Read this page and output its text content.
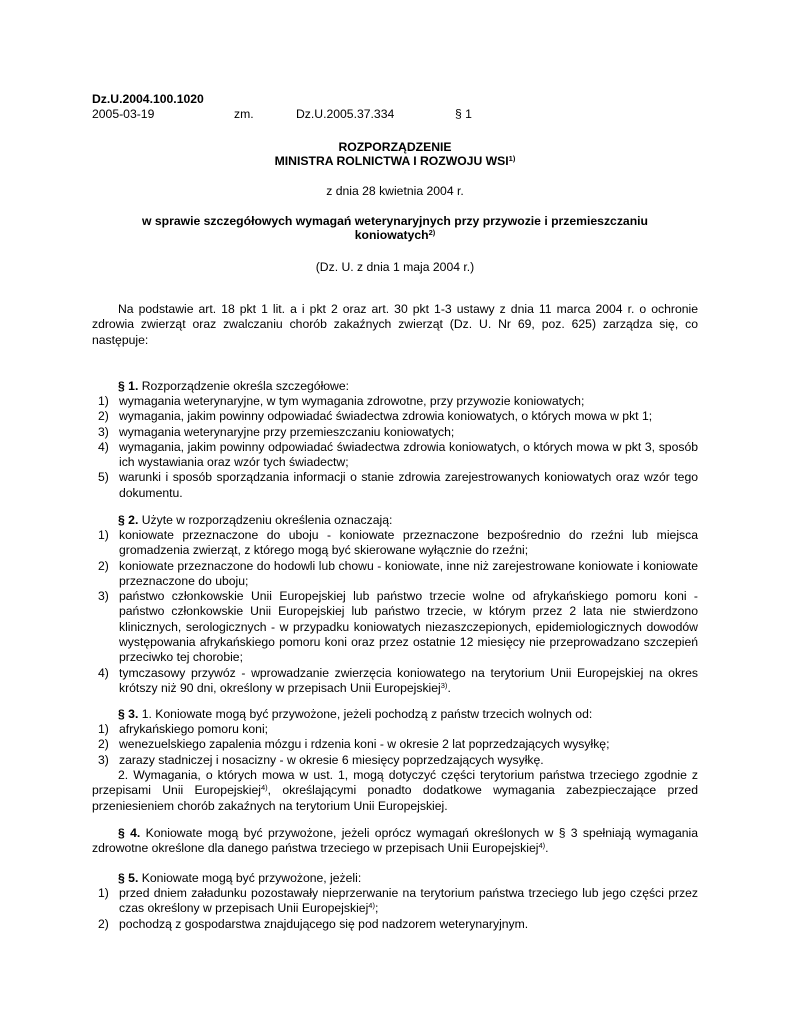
Dz.U.2004.100.1020
2005-03-19	zm.	Dz.U.2005.37.334	§ 1
ROZPORZĄDZENIE
MINISTRA ROLNICTWA I ROZWOJU WSI$^{1)}$
z dnia 28 kwietnia 2004 r.
w sprawie szczegółowych wymagań weterynaryjnych przy przywozie i przemieszczaniu
koniowatych$^{2)}$
(Dz. U. z dnia 1 maja 2004 r.)
Na podstawie art. 18 pkt 1 lit. a i pkt 2 oraz art. 30 pkt 1-3 ustawy z dnia 11 marca 2004 r. o ochronie zdrowia zwierząt oraz zwalczaniu chorób zakaźnych zwierząt (Dz. U. Nr 69, poz. 625) zarządza się, co następuje:
§ 1. Rozporządzenie określa szczegółowe:
1) wymagania weterynaryjne, w tym wymagania zdrowotne, przy przywozie koniowatych;
2) wymagania, jakim powinny odpowiadać świadectwa zdrowia koniowatych, o których mowa w pkt 1;
3) wymagania weterynaryjne przy przemieszczaniu koniowatych;
4) wymagania, jakim powinny odpowiadać świadectwa zdrowia koniowatych, o których mowa w pkt 3, sposób ich wystawiania oraz wzór tych świadectw;
5) warunki i sposób sporządzania informacji o stanie zdrowia zarejestrowanych koniowatych oraz wzór tego dokumentu.
§ 2. Użyte w rozporządzeniu określenia oznaczają:
1) koniowate przeznaczone do uboju - koniowate przeznaczone bezpośrednio do rzeźni lub miejsca gromadzenia zwierząt, z którego mogą być skierowane wyłącznie do rzeźni;
2) koniowate przeznaczone do hodowli lub chowu - koniowate, inne niż zarejestrowane koniowate i koniowate przeznaczone do uboju;
3) państwo członkowskie Unii Europejskiej lub państwo trzecie wolne od afrykańskiego pomoru koni - państwo członkowskie Unii Europejskiej lub państwo trzecie, w którym przez 2 lata nie stwierdzono klinicznych, serologicznych - w przypadku koniowatych niezaszczepionych, epidemiologicznych dowodów występowania afrykańskiego pomoru koni oraz przez ostatnie 12 miesięcy nie przeprowadzano szczepień przeciwko tej chorobie;
4) tymczasowy przywóz - wprowadzanie zwierzęcia koniowatego na terytorium Unii Europejskiej na okres krótszy niż 90 dni, określony w przepisach Unii Europejskiej$^{3)}$.
§ 3. 1. Koniowate mogą być przywożone, jeżeli pochodzą z państw trzecich wolnych od:
1) afrykańskiego pomoru koni;
2) wenezuelskiego zapalenia mózgu i rdzenia koni - w okresie 2 lat poprzedzających wysyłkę;
3) zarazy stadniczej i nosacizny - w okresie 6 miesięcy poprzedzających wysyłkę.
2. Wymagania, o których mowa w ust. 1, mogą dotyczyć części terytorium państwa trzeciego zgodnie z przepisami Unii Europejskiej$^{4)}$, określającymi ponadto dodatkowe wymagania zabezpieczające przed przeniesieniem chorób zakaźnych na terytorium Unii Europejskiej.
§ 4. Koniowate mogą być przywożone, jeżeli oprócz wymagań określonych w § 3 spełniają wymagania zdrowotne określone dla danego państwa trzeciego w przepisach Unii Europejskiej$^{4)}$.
§ 5. Koniowate mogą być przywożone, jeżeli:
1) przed dniem załadunku pozostawały nieprzerwanie na terytorium państwa trzeciego lub jego części przez czas określony w przepisach Unii Europejskiej$^{4)}$;
2) pochodzą z gospodarstwa znajdującego się pod nadzorem weterynaryjnym.
